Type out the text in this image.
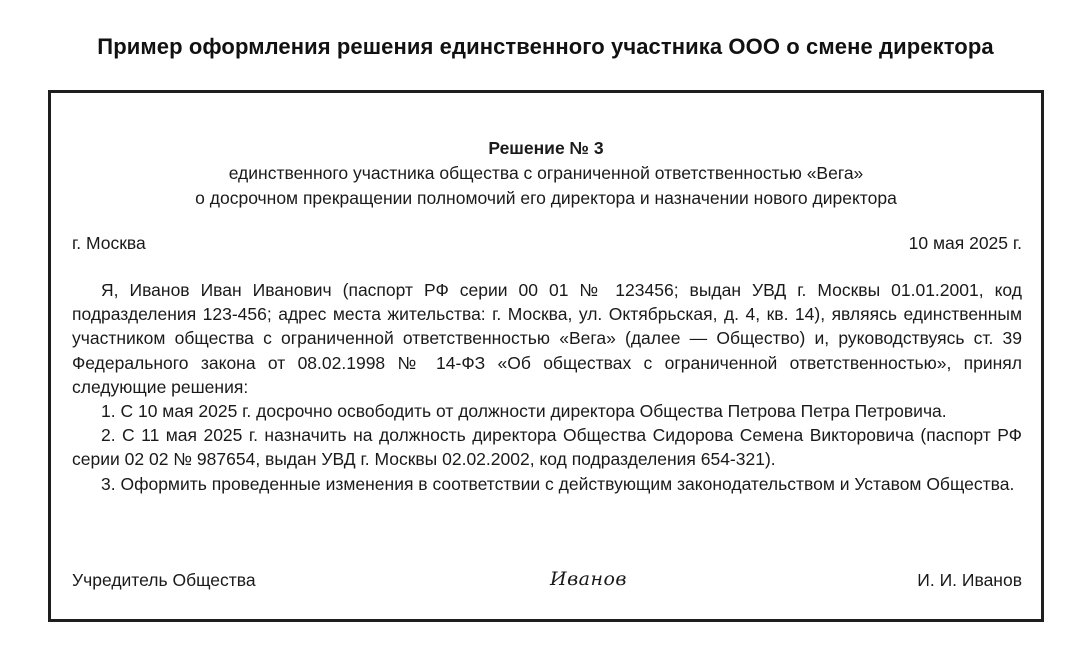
Пример оформления решения единственного участника ООО о смене директора
Решение № 3
единственного участника общества с ограниченной ответственностью «Вега»
о досрочном прекращении полномочий его директора и назначении нового директора
г. Москва	10 мая 2025 г.

Я, Иванов Иван Иванович (паспорт РФ серии 00 01 № 123456; выдан УВД г. Москвы 01.01.2001, код подразделения 123-456; адрес места жительства: г. Москва, ул. Октябрьская, д. 4, кв. 14), являясь единственным участником общества с ограниченной ответственностью «Вега» (далее — Общество) и, руководствуясь ст. 39 Федерального закона от 08.02.1998 № 14-ФЗ «Об обществах с ограниченной ответственностью», принял следующие решения:

1. С 10 мая 2025 г. досрочно освободить от должности директора Общества Петрова Петра Петровича.

2. С 11 мая 2025 г. назначить на должность директора Общества Сидорова Семена Викторовича (паспорт РФ серии 02 02 № 987654, выдан УВД г. Москвы 02.02.2002, код подразделения 654-321).

3. Оформить проведенные изменения в соответствии с действующим законодательством и Уставом Общества.

Учредитель Общества	Иванов	И. И. Иванов
